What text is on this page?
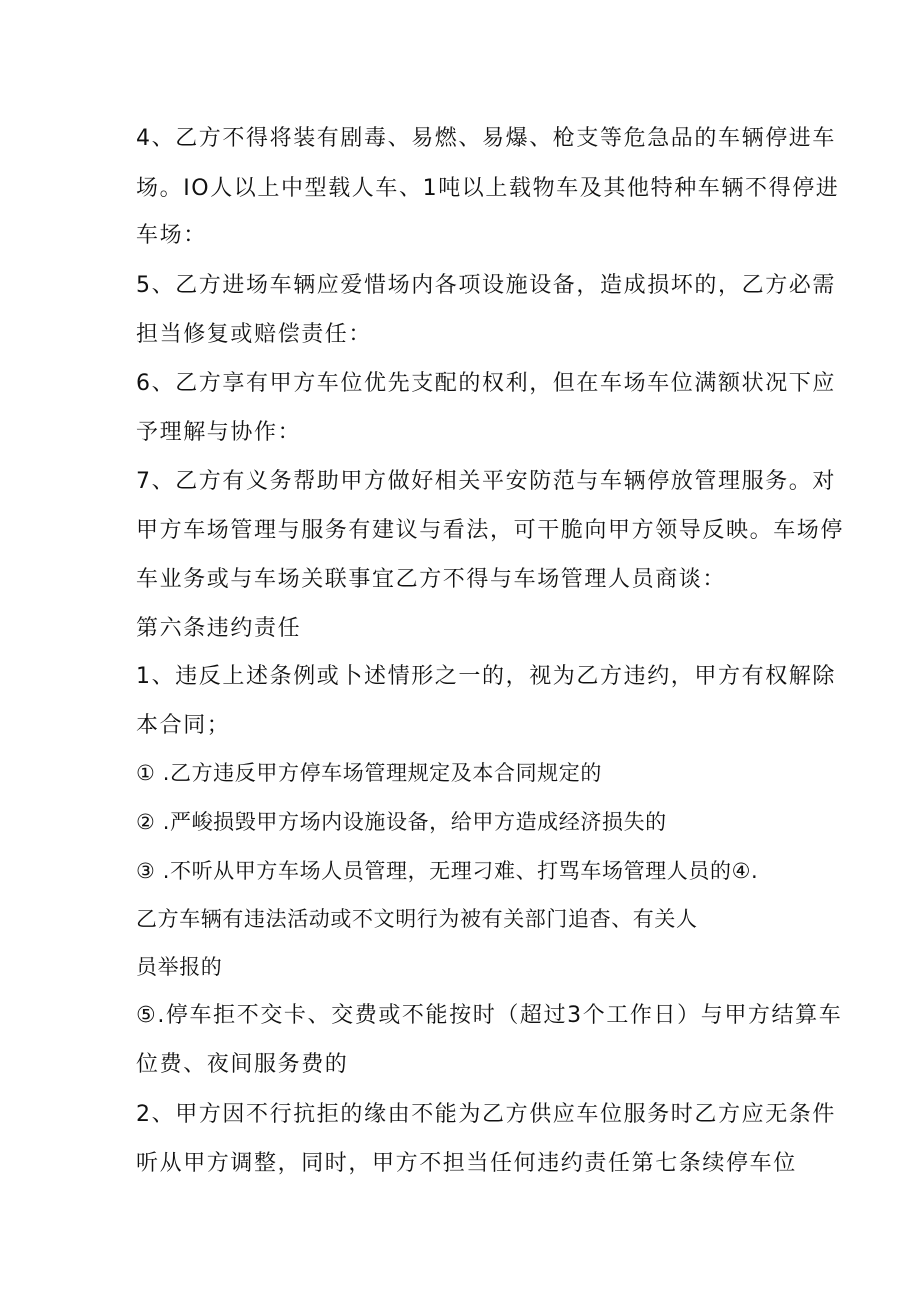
4、乙方不得将装有剧毒、易燃、易爆、枪支等危急品的车辆停进车
场。IO人以上中型载人车、1吨以上载物车及其他特种车辆不得停进
车场：
5、乙方进场车辆应爱惜场内各项设施设备，造成损坏的，乙方必需
担当修复或赔偿责任：
6、乙方享有甲方车位优先支配的权利，但在车场车位满额状况下应
予理解与协作：
7、乙方有义务帮助甲方做好相关平安防范与车辆停放管理服务。对
甲方车场管理与服务有建议与看法，可干脆向甲方领导反映。车场停
车业务或与车场关联事宜乙方不得与车场管理人员商谈：
第六条违约责任
1、违反上述条例或卜述情形之一的，视为乙方违约，甲方有权解除
本合同；
① .乙方违反甲方停车场管理规定及本合同规定的
② .严峻损毁甲方场内设施设备，给甲方造成经济损失的
③ .不听从甲方车场人员管理，无理刁难、打骂车场管理人员的④.
乙方车辆有违法活动或不文明行为被有关部门追杳、有关人
员举报的
⑤.停车拒不交卡、交费或不能按时（超过3个工作日）与甲方结算车
位费、夜间服务费的
2、甲方因不行抗拒的缘由不能为乙方供应车位服务时乙方应无条件
听从甲方调整，同时，甲方不担当任何违约责任第七条续停车位
